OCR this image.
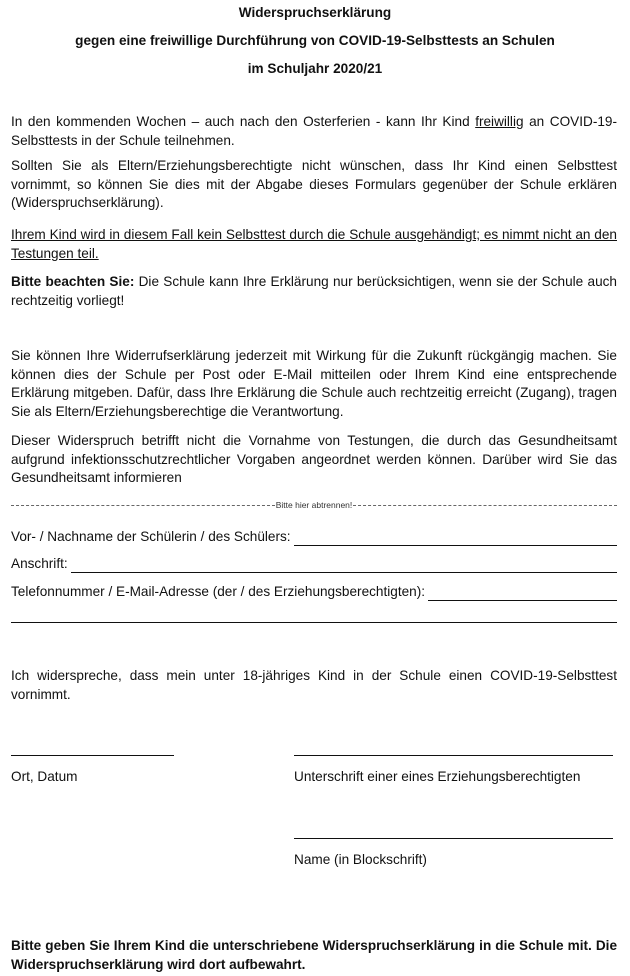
Widerspruchserklärung

gegen eine freiwillige Durchführung von COVID-19-Selbsttests an Schulen

im Schuljahr 2020/21

In den kommenden Wochen – auch nach den Osterferien - kann Ihr Kind freiwillig an COVID-19- Selbsttests in der Schule teilnehmen.

Sollten Sie als Eltern/Erziehungsberechtigte nicht wünschen, dass Ihr Kind einen Selbsttest vornimmt, so können Sie dies mit der Abgabe dieses Formulars gegenüber der Schule erklären (Widerspruchserklärung).

Ihrem Kind wird in diesem Fall kein Selbsttest durch die Schule ausgehändigt; es nimmt nicht an den Testungen teil.

Bitte beachten Sie: Die Schule kann Ihre Erklärung nur berücksichtigen, wenn sie der Schule auch rechtzeitig vorliegt!

Sie können Ihre Widerrufserklärung jederzeit mit Wirkung für die Zukunft rückgängig machen. Sie können dies der Schule per Post oder E-Mail mitteilen oder Ihrem Kind eine entsprechende Erklärung mitgeben. Dafür, dass Ihre Erklärung die Schule auch rechtzeitig erreicht (Zugang), tragen Sie als Eltern/Erziehungsberechtige die Verantwortung.

Dieser Widerspruch betrifft nicht die Vornahme von Testungen, die durch das Gesundheitsamt aufgrund infektionsschutzrechtlicher Vorgaben angeordnet werden können. Darüber wird Sie das Gesundheitsamt informieren

Bitte hier abtrennen!
Vor- / Nachname der Schülerin / des Schülers:
Anschrift:
Telefonnummer / E-Mail-Adresse (der / des Erziehungsberechtigten):

Ich widerspreche, dass mein unter 18-jähriges Kind in der Schule einen COVID-19-Selbsttest vornimmt.

Ort, Datum	Unterschrift einer eines Erziehungsberechtigten
Name (in Blockschrift)

Bitte geben Sie Ihrem Kind die unterschriebene Widerspruchserklärung in die Schule mit. Die Widerspruchserklärung wird dort aufbewahrt.
